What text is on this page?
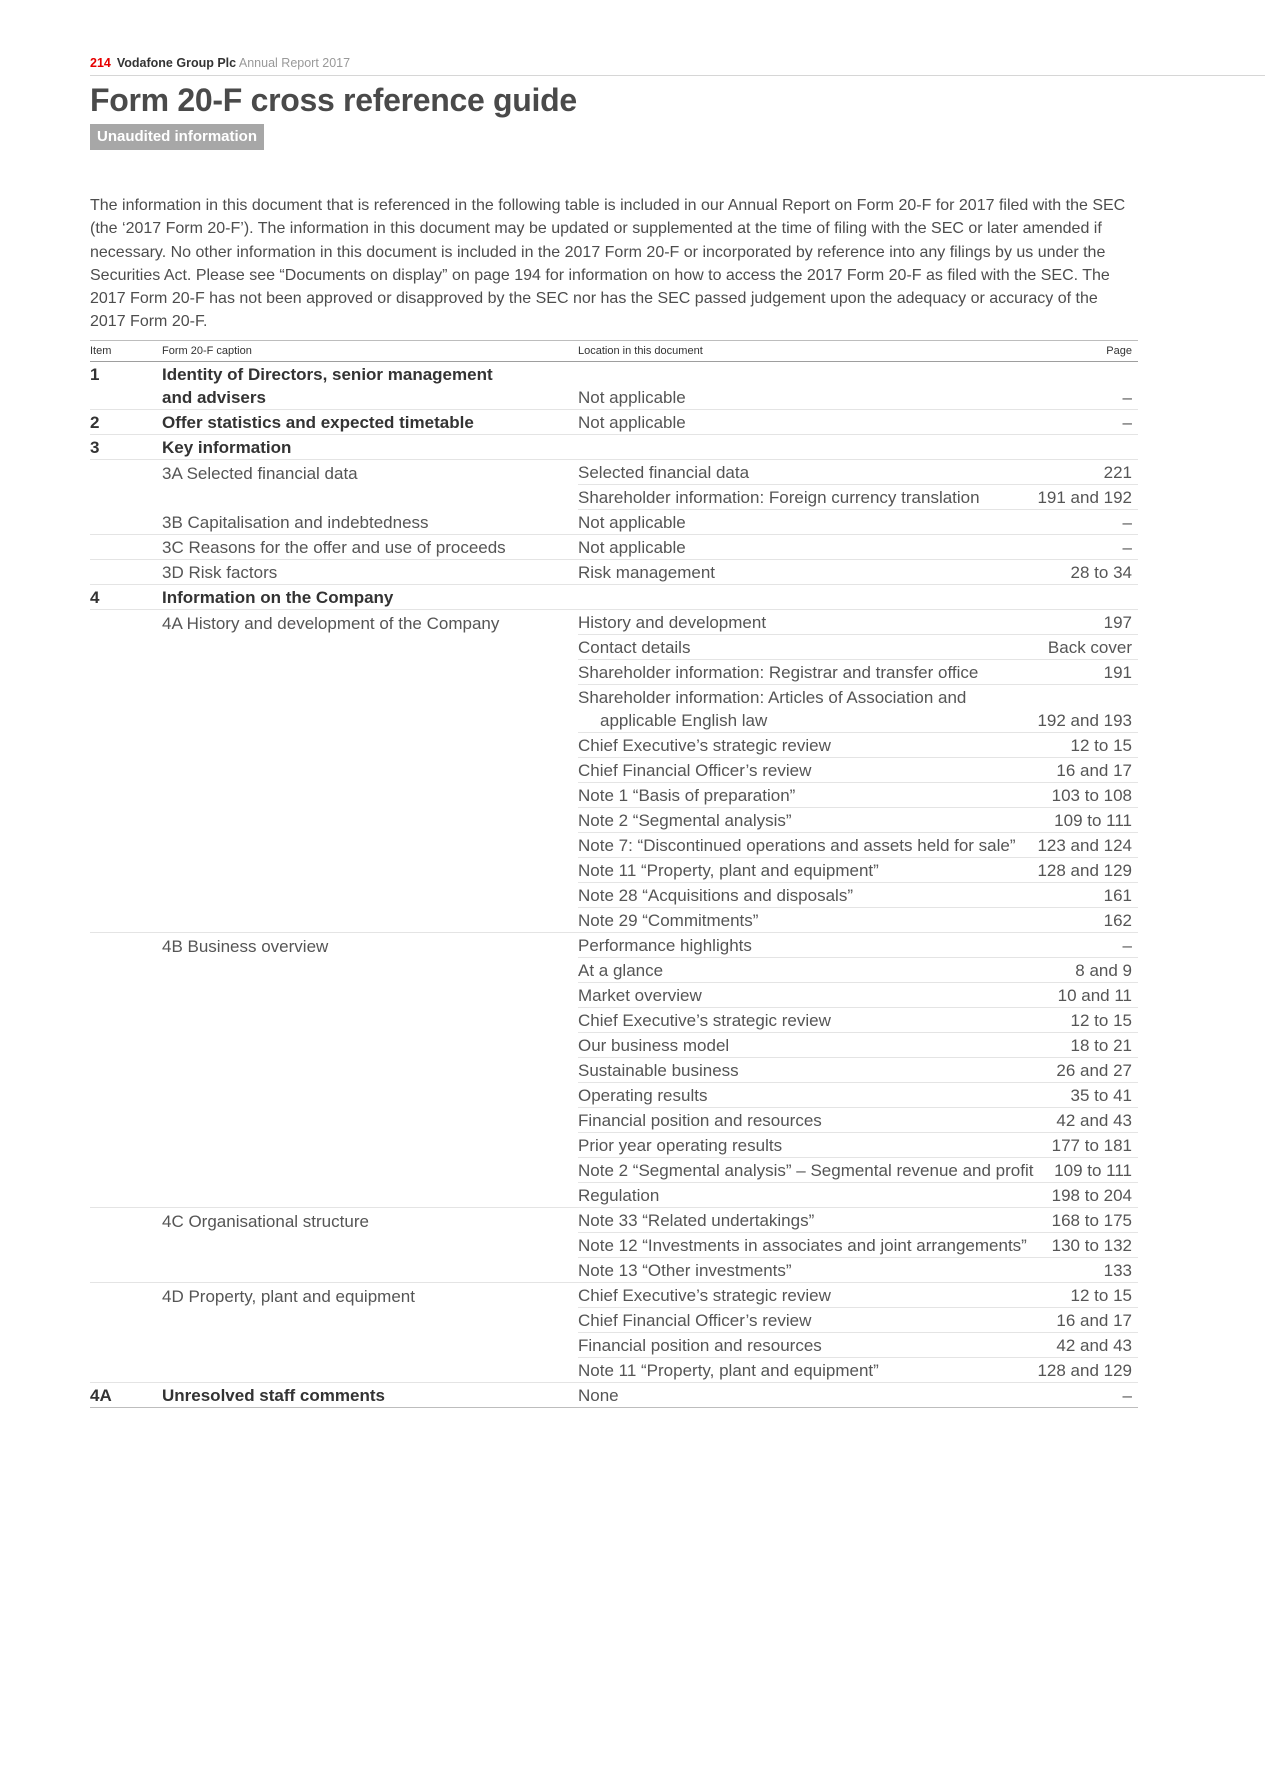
214 Vodafone Group Plc Annual Report 2017
Form 20-F cross reference guide
Unaudited information

The information in this document that is referenced in the following table is included in our Annual Report on Form 20-F for 2017 filed with the SEC (the ‘2017 Form 20-F’). The information in this document may be updated or supplemented at the time of filing with the SEC or later amended if necessary. No other information in this document is included in the 2017 Form 20-F or incorporated by reference into any filings by us under the Securities Act. Please see “Documents on display” on page 194 for information on how to access the 2017 Form 20-F as filed with the SEC. The 2017 Form 20-F has not been approved or disapproved by the SEC nor has the SEC passed judgement upon the adequacy or accuracy of the 2017 Form 20-F.

Item	Form 20-F caption	Location in this document	Page
1	Identity of Directors, senior management
and advisers	Not applicable	–
2	Offer statistics and expected timetable	Not applicable	–
3	Key information		
	3A Selected financial data	Selected financial data	221
		Shareholder information: Foreign currency translation	191 and 192
	3B Capitalisation and indebtedness	Not applicable	–
	3C Reasons for the offer and use of proceeds	Not applicable	–
	3D Risk factors	Risk management	28 to 34
4	Information on the Company		
	4A History and development of the Company	History and development	197
		Contact details	Back cover
		Shareholder information: Registrar and transfer office	191
		Shareholder information: Articles of Association and
applicable English law	192 and 193
		Chief Executive’s strategic review	12 to 15
		Chief Financial Officer’s review	16 and 17
		Note 1 “Basis of preparation”	103 to 108
		Note 2 “Segmental analysis”	109 to 111
		Note 7: “Discontinued operations and assets held for sale”	123 and 124
		Note 11 “Property, plant and equipment”	128 and 129
		Note 28 “Acquisitions and disposals”	161
		Note 29 “Commitments”	162
	4B Business overview	Performance highlights	–
		At a glance	8 and 9
		Market overview	10 and 11
		Chief Executive’s strategic review	12 to 15
		Our business model	18 to 21
		Sustainable business	26 and 27
		Operating results	35 to 41
		Financial position and resources	42 and 43
		Prior year operating results	177 to 181
		Note 2 “Segmental analysis” – Segmental revenue and profit	109 to 111
		Regulation	198 to 204
	4C Organisational structure	Note 33 “Related undertakings”	168 to 175
		Note 12 “Investments in associates and joint arrangements”	130 to 132
		Note 13 “Other investments”	133
	4D Property, plant and equipment	Chief Executive’s strategic review	12 to 15
		Chief Financial Officer’s review	16 and 17
		Financial position and resources	42 and 43
		Note 11 “Property, plant and equipment”	128 and 129
4A	Unresolved staff comments	None	–
